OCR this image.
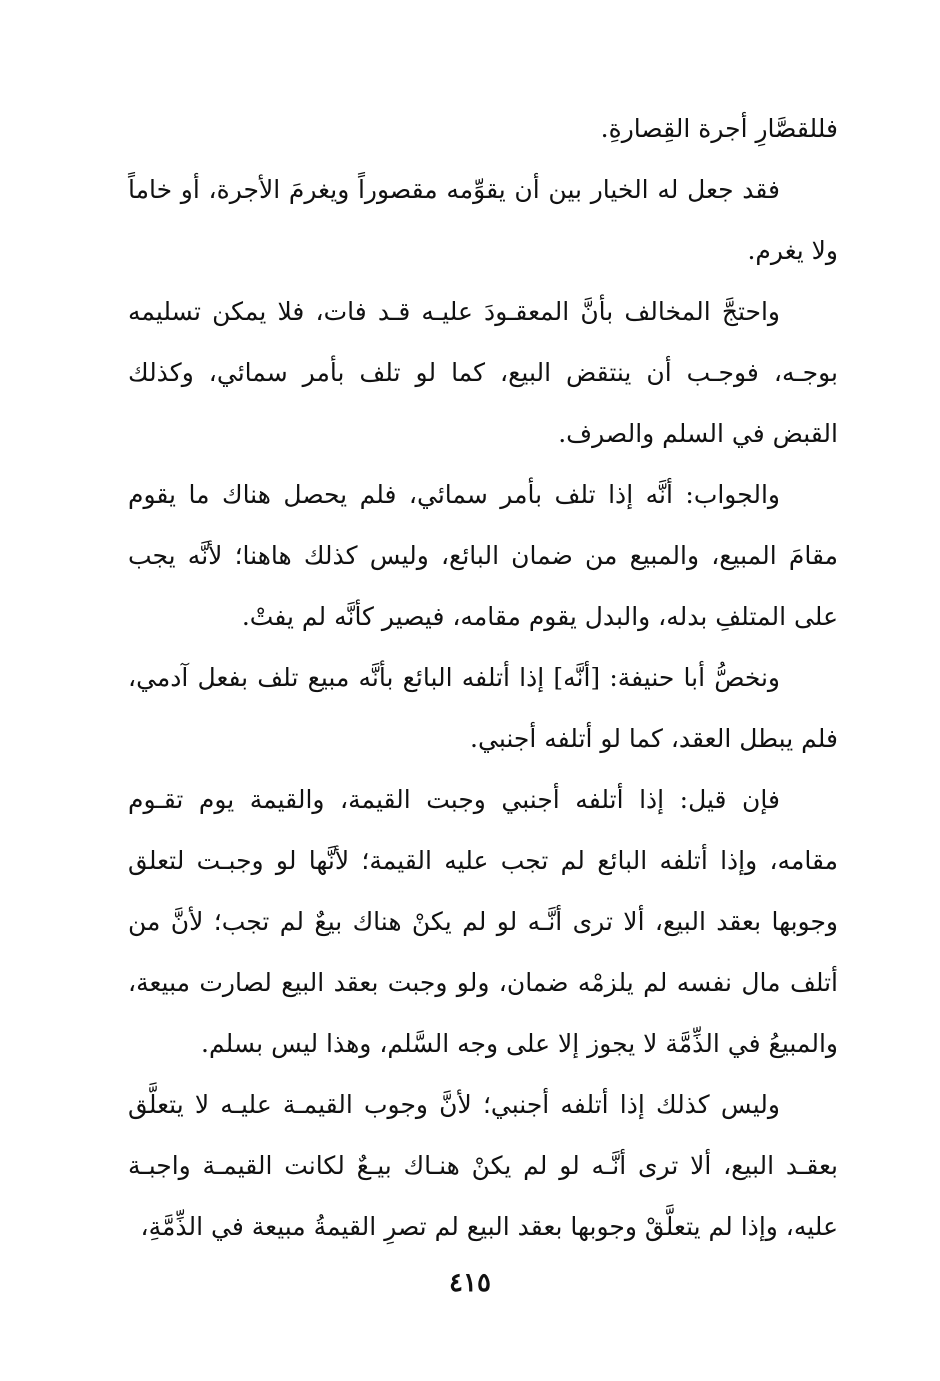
فللقصَّارِ أجرة القِصارةِ.

فقد جعل له الخيار بين أن يقوِّمه مقصوراً ويغرمَ الأجرة، أو خاماً ولا يغرم.

واحتجَّ المخالف بأنَّ المعقـودَ عليـه قـد فات، فلا يمكن تسليمه بوجـه، فوجـب أن ينتقض البيع، كما لو تلف بأمر سمائي، وكذلك القبض في السلم والصرف.

والجواب: أنَّه إذا تلف بأمر سمائي، فلم يحصل هناك ما يقوم مقامَ المبيع، والمبيع من ضمان البائع، وليس كذلك هاهنا؛ لأنَّه يجب على المتلفِ بدله، والبدل يقوم مقامه، فيصير كأنَّه لم يفتْ.

ونخصُّ أبا حنيفة: [أنَّه] إذا أتلفه البائع بأنَّه مبيع تلف بفعل آدمي، فلم يبطل العقد، كما لو أتلفه أجنبي.

فإن قيل: إذا أتلفه أجنبي وجبت القيمة، والقيمة يوم تقـوم مقامه، وإذا أتلفه البائع لم تجب عليه القيمة؛ لأنَّها لو وجبـت لتعلق وجوبها بعقد البيع، ألا ترى أنَّـه لو لم يكنْ هناك بيعٌ لم تجب؛ لأنَّ من أتلف مال نفسه لم يلزمْه ضمان، ولو وجبت بعقد البيع لصارت مبيعة، والمبيعُ في الذِّمَّة لا يجوز إلا على وجه السَّلم، وهذا ليس بسلم.

وليس كذلك إذا أتلفه أجنبي؛ لأنَّ وجوب القيمـة عليـه لا يتعلَّق بعقـد البيع، ألا ترى أنَّـه لو لم يكنْ هنـاك بيـعٌ لكانت القيمـة واجبـة عليه، وإذا لم يتعلَّقْ وجوبها بعقد البيع لم تصرِ القيمةُ مبيعة في الذِّمَّةِ،

٤١٥
